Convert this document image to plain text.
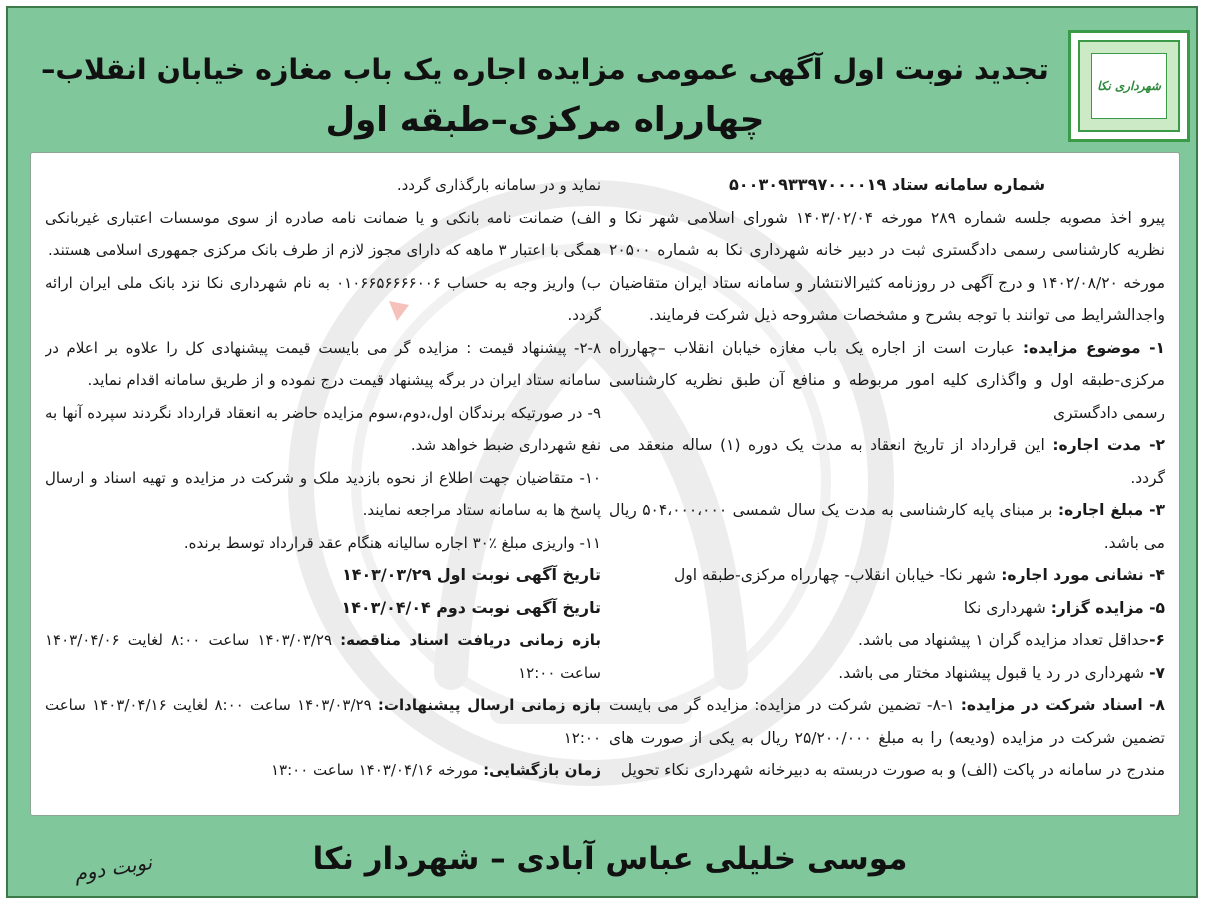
تجدید نوبت اول آگهی عمومی مزایده اجاره یک باب مغازه خیابان انقلاب–
چهارراه مرکزی–طبقه اول
شهرداری نکا

شماره سامانه ستاد ۵۰۰۳۰۹۳۳۹۷۰۰۰۰۱۹

پیرو اخذ مصوبه جلسه شماره ۲۸۹ مورخه ۱۴۰۳/۰۲/۰۴ شورای اسلامی شهر نکا و نظریه کارشناسی رسمی دادگستری ثبت در دبیر خانه شهرداری نکا به شماره ۲۰۵۰۰ مورخه ۱۴۰۲/۰۸/۲۰ و درج آگهی در روزنامه کثیرالانتشار و سامانه ستاد ایران متقاضیان واجدالشرایط می توانند با توجه بشرح و مشخصات مشروحه ذیل شرکت فرمایند.

۱- موضوع مزایده: عبارت است از اجاره یک باب مغازه خیابان انقلاب –چهارراه مرکزی-طبقه اول و واگذاری کلیه امور مربوطه و منافع آن طبق نظریه کارشناسی رسمی دادگستری

۲- مدت اجاره: این قرارداد از تاریخ انعقاد به مدت یک دوره (۱) ساله منعقد می گردد.

۳- مبلغ اجاره: بر مبنای پایه کارشناسی به مدت یک سال شمسی ۵۰۴،۰۰۰،۰۰۰ ریال می باشد.

۴- نشانی مورد اجاره: شهر نکا- خیابان انقلاب- چهارراه مرکزی-طبقه اول

۵- مزایده گزار: شهرداری نکا

۶-حداقل تعداد مزایده گران ۱ پیشنهاد می باشد.

۷- شهرداری در رد یا قبول پیشنهاد مختار می باشد.

۸- اسناد شرکت در مزایده: ۱-۸- تضمین شرکت در مزایده: مزایده گر می بایست تضمین شرکت در مزایده (ودیعه) را به مبلغ ۲۵/۲۰۰/۰۰۰ ریال به یکی از صورت های مندرج در سامانه در پاکت (الف) و به صورت دربسته به دبیرخانه شهرداری نکاء تحویل

نماید و در سامانه بارگذاری گردد.

الف) ضمانت نامه بانکی و یا ضمانت نامه صادره از سوی موسسات اعتباری غیربانکی همگی با اعتبار ۳ ماهه که دارای مجوز لازم از طرف بانک مرکزی جمهوری اسلامی هستند.

ب) واریز وجه به حساب ۰۱۰۶۶۵۶۶۶۶۰۰۶ به نام شهرداری نکا نزد بانک ملی ایران ارائه گردد.

۲-۸- پیشنهاد قیمت : مزایده گر می بایست قیمت پیشنهادی کل را علاوه بر اعلام در سامانه ستاد ایران در برگه پیشنهاد قیمت درج نموده و از طریق سامانه اقدام نماید.

۹- در صورتیکه برندگان اول،دوم،سوم مزایده حاضر به انعقاد قرارداد نگردند سپرده آنها به نفع شهرداری ضبط خواهد شد.

۱۰- متقاضیان جهت اطلاع از نحوه بازدید ملک و شرکت در مزایده و تهیه اسناد و ارسال پاسخ ها به سامانه ستاد مراجعه نمایند.

۱۱- واریزی مبلغ ٪۳۰ اجاره سالیانه هنگام عقد قرارداد توسط برنده.

تاریخ آگهی نوبت اول ۱۴۰۳/۰۳/۲۹

تاریخ آگهی نوبت دوم ۱۴۰۳/۰۴/۰۴

بازه زمانی دریافت اسناد مناقصه: ۱۴۰۳/۰۳/۲۹ ساعت ۸:۰۰ لغایت ۱۴۰۳/۰۴/۰۶ ساعت ۱۲:۰۰

بازه زمانی ارسال پیشنهادات: ۱۴۰۳/۰۳/۲۹ ساعت ۸:۰۰ لغایت ۱۴۰۳/۰۴/۱۶ ساعت ۱۲:۰۰

زمان بازگشایی: مورخه ۱۴۰۳/۰۴/۱۶ ساعت ۱۳:۰۰

موسی خلیلی عباس آبادی – شهردار نکا
نوبت دوم
